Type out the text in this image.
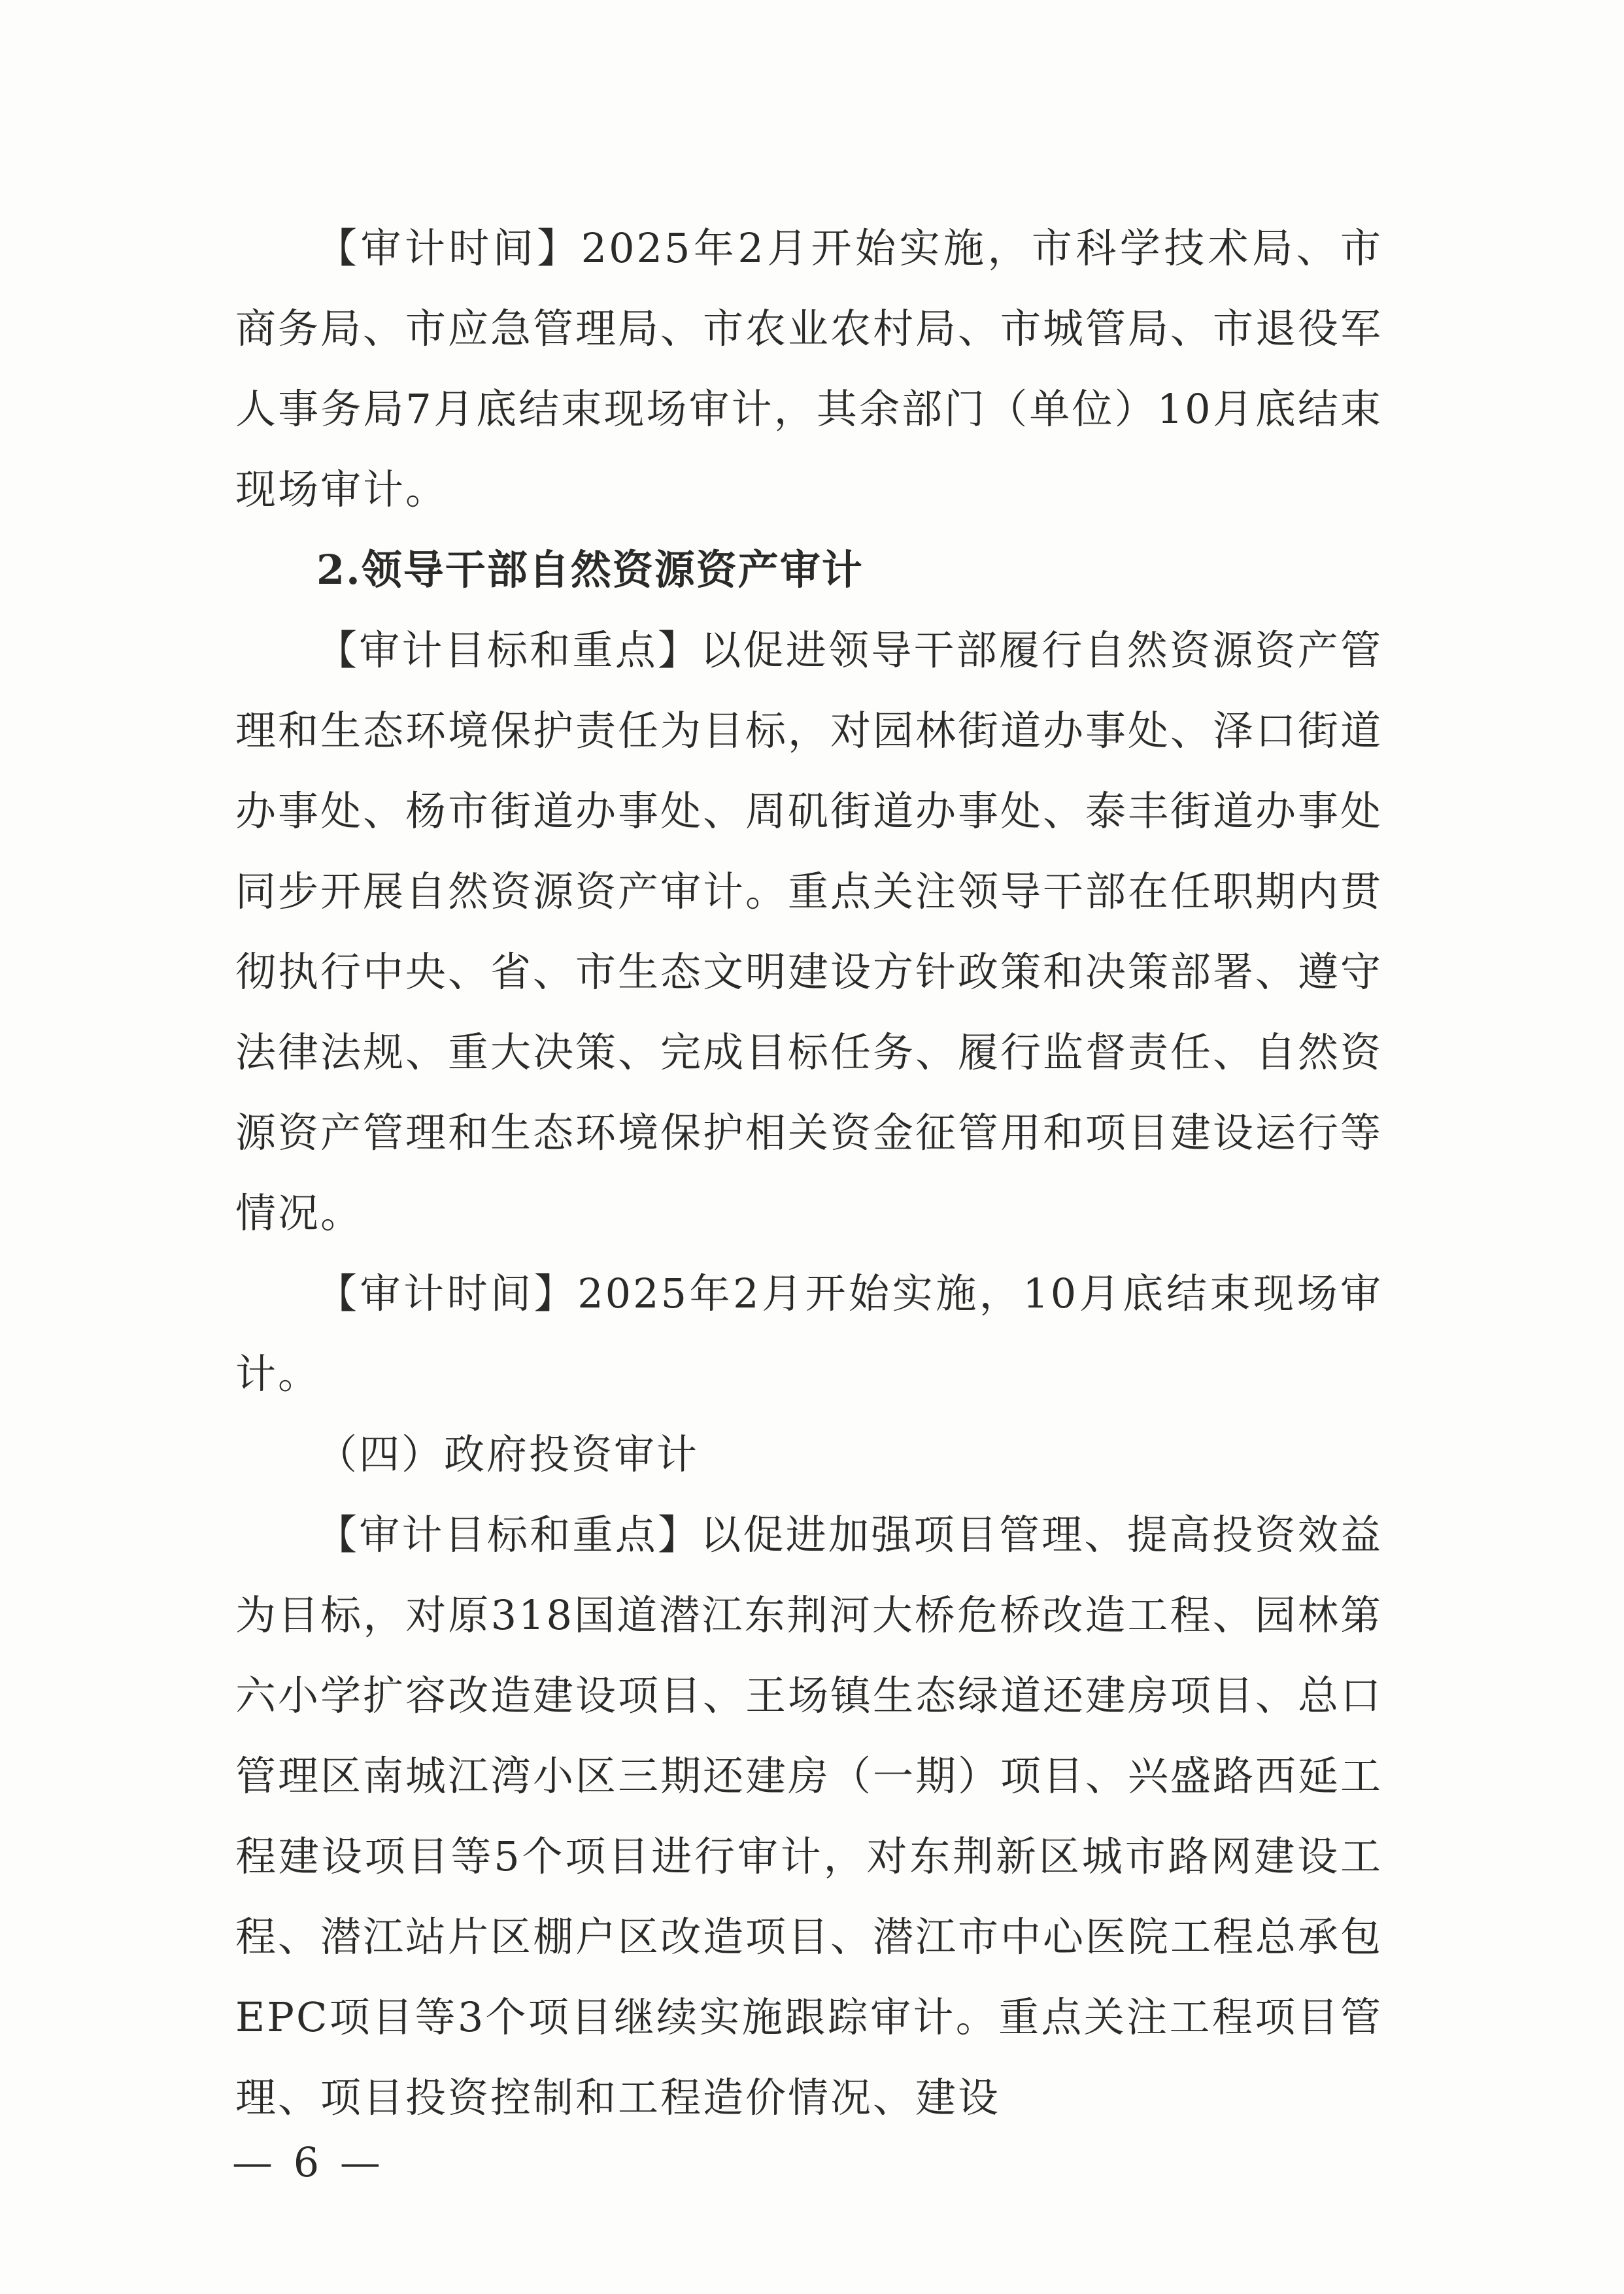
【审计时间】2025年2月开始实施，市科学技术局、市商务局、市应急管理局、市农业农村局、市城管局、市退役军人事务局7月底结束现场审计，其余部门（单位）10月底结束现场审计。

2.领导干部自然资源资产审计

【审计目标和重点】以促进领导干部履行自然资源资产管理和生态环境保护责任为目标，对园林街道办事处、泽口街道办事处、杨市街道办事处、周矶街道办事处、泰丰街道办事处同步开展自然资源资产审计。重点关注领导干部在任职期内贯彻执行中央、省、市生态文明建设方针政策和决策部署、遵守法律法规、重大决策、完成目标任务、履行监督责任、自然资源资产管理和生态环境保护相关资金征管用和项目建设运行等情况。

【审计时间】2025年2月开始实施，10月底结束现场审计。

（四）政府投资审计

【审计目标和重点】以促进加强项目管理、提高投资效益为目标，对原318国道潜江东荆河大桥危桥改造工程、园林第六小学扩容改造建设项目、王场镇生态绿道还建房项目、总口管理区南城江湾小区三期还建房（一期）项目、兴盛路西延工程建设项目等5个项目进行审计，对东荆新区城市路网建设工程、潜江站片区棚户区改造项目、潜江市中心医院工程总承包EPC项目等3个项目继续实施跟踪审计。重点关注工程项目管理、项目投资控制和工程造价情况、建设

— 6 —
